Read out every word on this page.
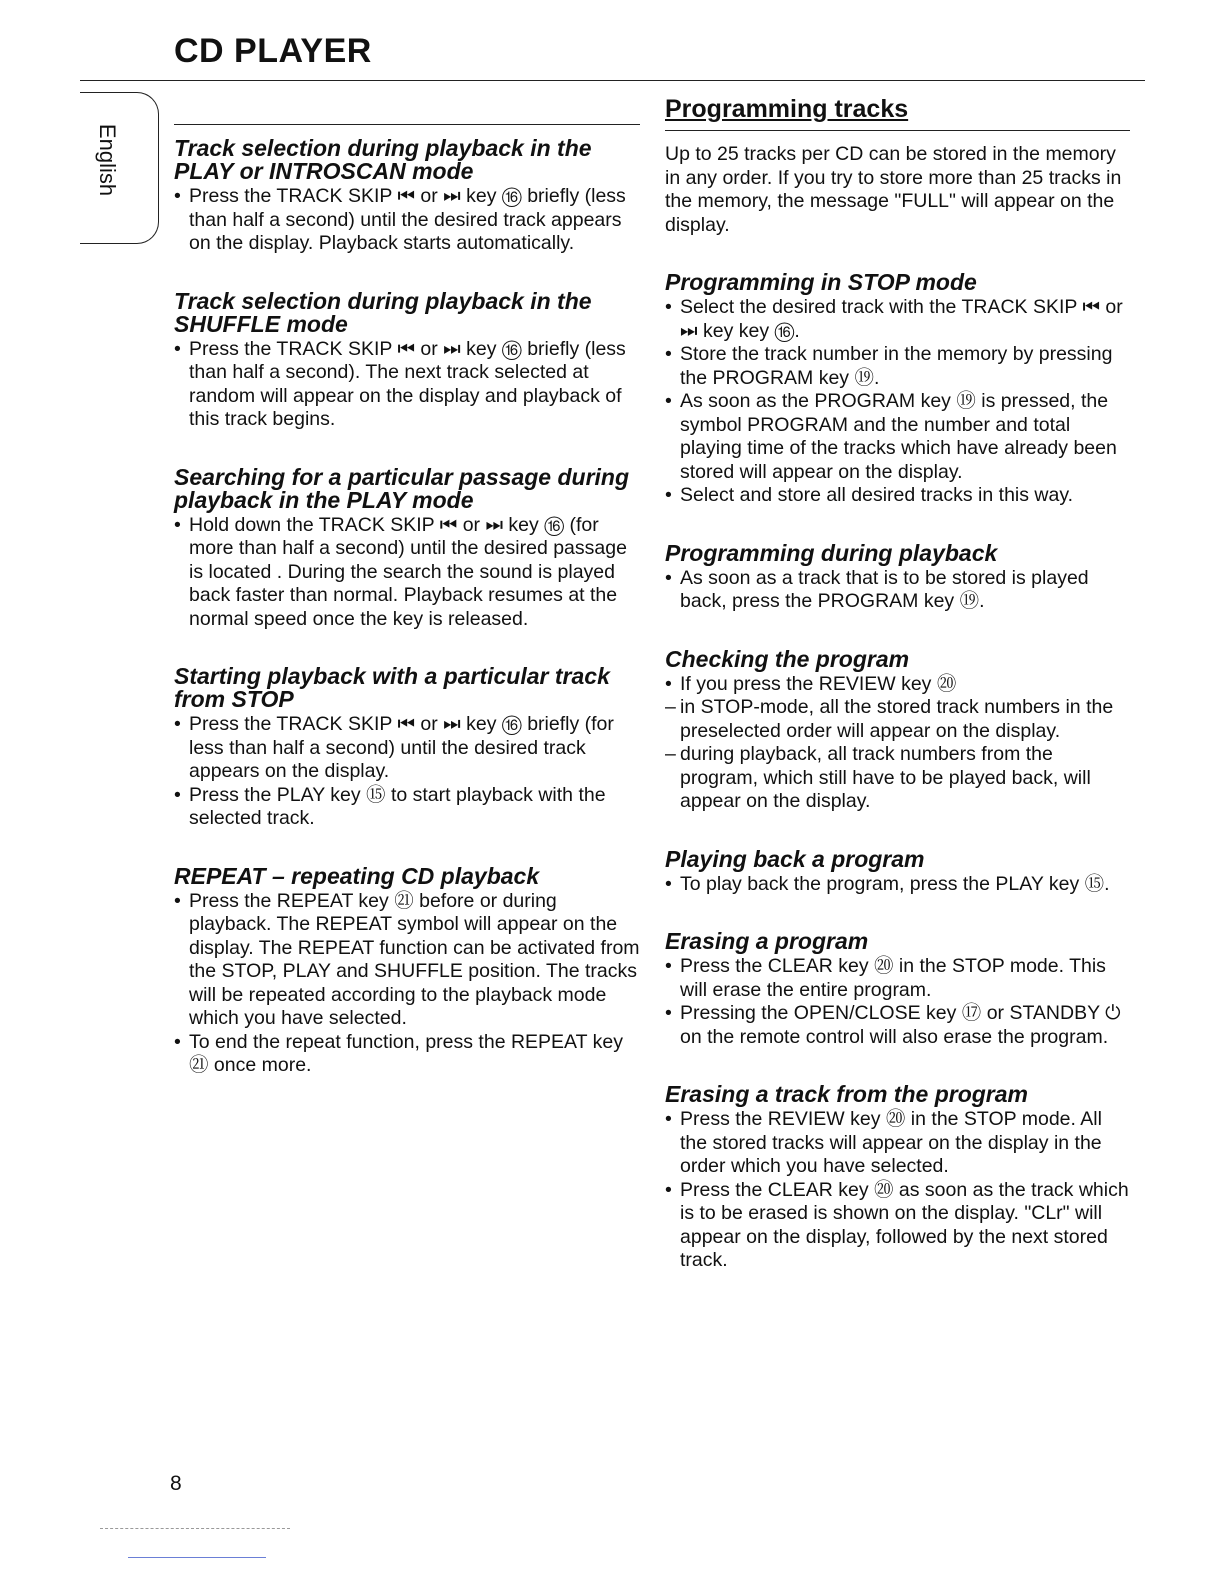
CD PLAYER
English Track selection during playback in the PLAY or INTROSCAN mode

• Press the TRACK SKIP ⏮ or ⏭ key ⑯ briefly (less than half a second) until the desired track appears on the display. Playback starts automatically.

Track selection during playback in the SHUFFLE mode

• Press the TRACK SKIP ⏮ or ⏭ key ⑯ briefly (less than half a second). The next track selected at random will appear on the display and playback of this track begins.

Searching for a particular passage during playback in the PLAY mode

• Hold down the TRACK SKIP ⏮ or ⏭ key ⑯ (for more than half a second) until the desired passage is located . During the search the sound is played back faster than normal. Playback resumes at the normal speed once the key is released.

Starting playback with a particular track from STOP

• Press the TRACK SKIP ⏮ or ⏭ key ⑯ briefly (for less than half a second) until the desired track appears on the display.

• Press the PLAY key ⑮ to start playback with the selected track.

REPEAT – repeating CD playback

• Press the REPEAT key ㉑ before or during playback. The REPEAT symbol will appear on the display. The REPEAT function can be activated from the STOP, PLAY and SHUFFLE position. The tracks will be repeated according to the playback mode which you have selected.

• To end the repeat function, press the REPEAT key ㉑ once more.

Programming tracks

Up to 25 tracks per CD can be stored in the memory in any order. If you try to store more than 25 tracks in the memory, the message "FULL" will appear on the display.

Programming in STOP mode

• Select the desired track with the TRACK SKIP ⏮ or ⏭ key key ⑯.

• Store the track number in the memory by pressing the PROGRAM key ⑲.

• As soon as the PROGRAM key ⑲ is pressed, the symbol PROGRAM and the number and total playing time of the tracks which have already been stored will appear on the display.

• Select and store all desired tracks in this way.

Programming during playback

• As soon as a track that is to be stored is played back, press the PROGRAM key ⑲.

Checking the program

• If you press the REVIEW key ⑳

– in STOP-mode, all the stored track numbers in the preselected order will appear on the display.

– during playback, all track numbers from the program, which still have to be played back, will appear on the display.

Playing back a program

• To play back the program, press the PLAY key ⑮.

Erasing a program

• Press the CLEAR key ⑳ in the STOP mode. This will erase the entire program.

• Pressing the OPEN/CLOSE key ⑰ or STANDBY ⏻ on the remote control will also erase the program.

Erasing a track from the program

• Press the REVIEW key ⑳ in the STOP mode. All the stored tracks will appear on the display in the order which you have selected.

• Press the CLEAR key ⑳ as soon as the track which is to be erased is shown on the display. "CLr" will appear on the display, followed by the next stored track.

8
